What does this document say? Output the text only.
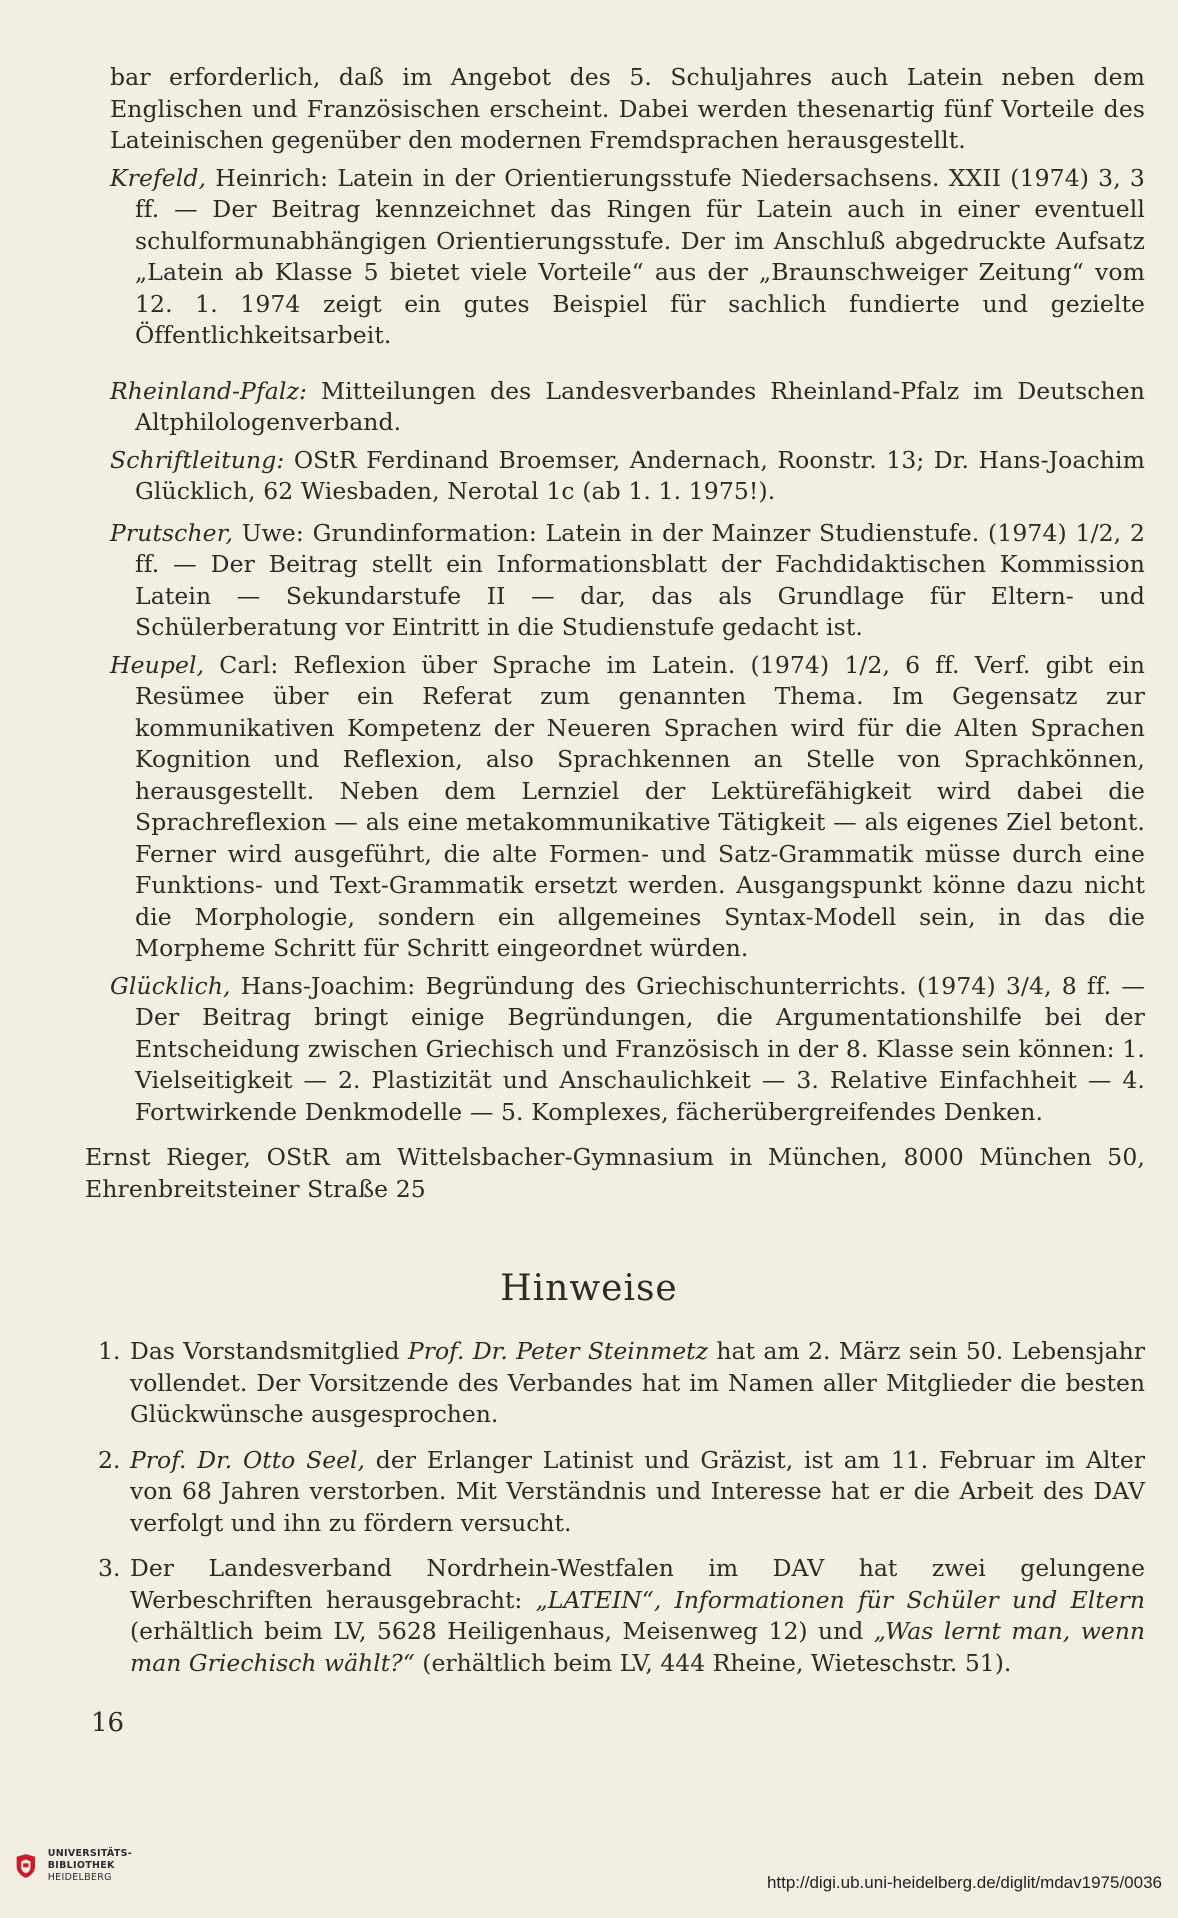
bar erforderlich, daß im Angebot des 5. Schuljahres auch Latein neben dem Englischen und Französischen erscheint. Dabei werden thesenartig fünf Vorteile des Lateinischen gegenüber den modernen Fremdsprachen herausgestellt.

Krefeld, Heinrich: Latein in der Orientierungsstufe Niedersachsens. XXII (1974) 3, 3 ff. — Der Beitrag kennzeichnet das Ringen für Latein auch in einer eventuell schulformunabhängigen Orientierungsstufe. Der im Anschluß abgedruckte Aufsatz „Latein ab Klasse 5 bietet viele Vorteile“ aus der „Braunschweiger Zeitung“ vom 12. 1. 1974 zeigt ein gutes Beispiel für sachlich fundierte und gezielte Öffentlichkeitsarbeit.

Rheinland-Pfalz: Mitteilungen des Landesverbandes Rheinland-Pfalz im Deutschen Altphilologenverband.

Schriftleitung: OStR Ferdinand Broemser, Andernach, Roonstr. 13; Dr. Hans-Joachim Glücklich, 62 Wiesbaden, Nerotal 1c (ab 1. 1. 1975!).

Prutscher, Uwe: Grundinformation: Latein in der Mainzer Studienstufe. (1974) 1/2, 2 ff. — Der Beitrag stellt ein Informationsblatt der Fachdidaktischen Kommission Latein — Sekundarstufe II — dar, das als Grundlage für Eltern- und Schülerberatung vor Eintritt in die Studienstufe gedacht ist.

Heupel, Carl: Reflexion über Sprache im Latein. (1974) 1/2, 6 ff. Verf. gibt ein Resümee über ein Referat zum genannten Thema. Im Gegensatz zur kommunikativen Kompetenz der Neueren Sprachen wird für die Alten Sprachen Kognition und Reflexion, also Sprachkennen an Stelle von Sprachkönnen, herausgestellt. Neben dem Lernziel der Lektürefähigkeit wird dabei die Sprachreflexion — als eine metakommunikative Tätigkeit — als eigenes Ziel betont. Ferner wird ausgeführt, die alte Formen- und Satz-Grammatik müsse durch eine Funktions- und Text-Grammatik ersetzt werden. Ausgangspunkt könne dazu nicht die Morphologie, sondern ein allgemeines Syntax-Modell sein, in das die Morpheme Schritt für Schritt eingeordnet würden.

Glücklich, Hans-Joachim: Begründung des Griechischunterrichts. (1974) 3/4, 8 ff. — Der Beitrag bringt einige Begründungen, die Argumentationshilfe bei der Entscheidung zwischen Griechisch und Französisch in der 8. Klasse sein können: 1. Vielseitigkeit — 2. Plastizität und Anschaulichkeit — 3. Relative Einfachheit — 4. Fortwirkende Denkmodelle — 5. Komplexes, fächerübergreifendes Denken.

Ernst Rieger, OStR am Wittelsbacher-Gymnasium in München, 8000 München 50, Ehrenbreitsteiner Straße 25

Hinweise
1. Das Vorstandsmitglied Prof. Dr. Peter Steinmetz hat am 2. März sein 50. Lebensjahr vollendet. Der Vorsitzende des Verbandes hat im Namen aller Mitglieder die besten Glückwünsche ausgesprochen.
2. Prof. Dr. Otto Seel, der Erlanger Latinist und Gräzist, ist am 11. Februar im Alter von 68 Jahren verstorben. Mit Verständnis und Interesse hat er die Arbeit des DAV verfolgt und ihn zu fördern versucht.
3. Der Landesverband Nordrhein-Westfalen im DAV hat zwei gelungene Werbeschriften herausgebracht: „LATEIN“, Informationen für Schüler und Eltern (erhältlich beim LV, 5628 Heiligenhaus, Meisenweg 12) und „Was lernt man, wenn man Griechisch wählt?“ (erhältlich beim LV, 444 Rheine, Wieteschstr. 51).
16
UNIVERSITÄTS-
BIBLIOTHEK
HEIDELBERG	http://digi.ub.uni-heidelberg.de/diglit/mdav1975/0036
